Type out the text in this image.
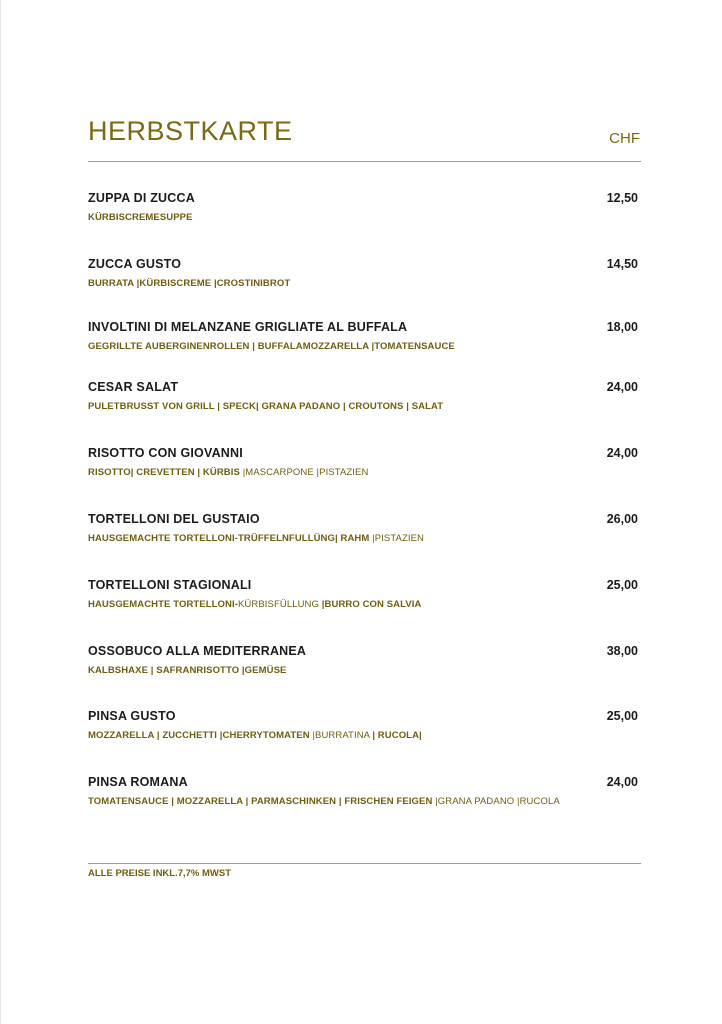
HERBSTKARTE	CHF
ZUPPA DI ZUCCA	12,50
KÜRBISCREMESUPPE
ZUCCA GUSTO	14,50
BURRATA |KÜRBISCREME |CROSTINIBROT
INVOLTINI DI MELANZANE GRIGLIATE AL BUFFALA	18,00
GEGRILLTE AUBERGINENROLLEN | BUFFALAMOZZARELLA |TOMATENSAUCE
CESAR SALAT	24,00
PULETBRUSST VON GRILL | SPECK| GRANA PADANO | CROUTONS | SALAT
RISOTTO CON GIOVANNI	24,00
RISOTTO| CREVETTEN | KÜRBIS |MASCARPONE |PISTAZIEN
TORTELLONI DEL GUSTAIO	26,00
HAUSGEMACHTE TORTELLONI-TRÜFFELNFULLÜNG| RAHM |PISTAZIEN
TORTELLONI STAGIONALI	25,00
HAUSGEMACHTE TORTELLONI-KÜRBISFÜLLUNG |BURRO CON SALVIA
OSSOBUCO ALLA MEDITERRANEA	38,00
KALBSHAXE | SAFRANRISOTTO |GEMÜSE
PINSA GUSTO	25,00
MOZZARELLA | ZUCCHETTI |CHERRYTOMATEN |BURRATINA | RUCOLA|
PINSA ROMANA	24,00
TOMATENSAUCE | MOZZARELLA | PARMASCHINKEN | FRISCHEN FEIGEN |GRANA PADANO |RUCOLA
ALLE PREISE INKL.7,7% MWST
